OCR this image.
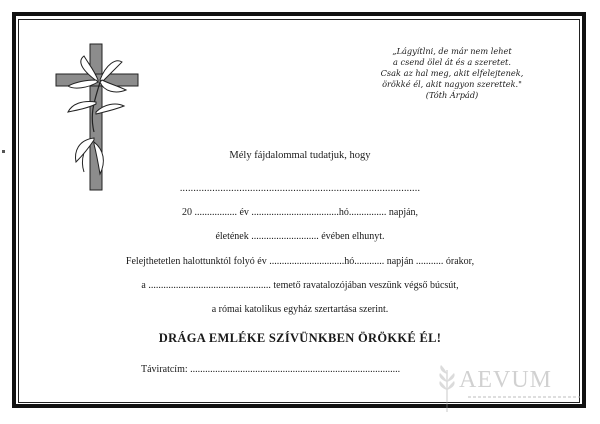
„Lágyítlni, de már nem lehet
a csend ölel át és a szeretet.
Csak az hal meg, akit elfelejtenek,
örökké él, akit nagyon szerettek."
(Tóth Árpád)
Mély fájdalommal tudatjuk, hogy
.........................................................................................
20 ................. év ...................................hó............... napján,
életének ........................... évében elhunyt.
Felejthetetlen halottunktól folyó év ..............................hó............ napján ........... órakor,
a ................................................. temető ravatalozójában veszünk végső búcsút,
a római katolikus egyház szertartása szerint.
DRÁGA EMLÉKE SZÍVÜNKBEN ÖRÖKKÉ ÉL!
Táviratcím: ....................................................................................	AEVUM
